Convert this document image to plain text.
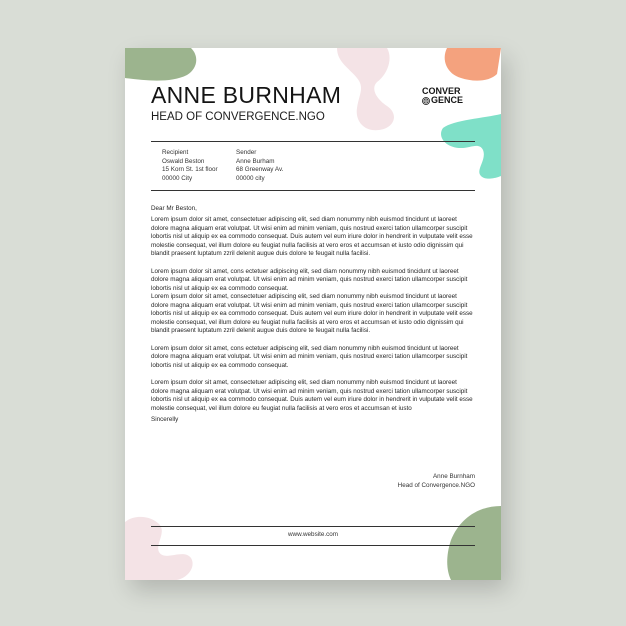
ANNE BURNHAM
HEAD OF CONVERGENCE.NGO
CONVER
GENCE
Recipient
Oswald Beston
15 Korn St. 1st floor
00000 City
Sender
Anne Burham
68 Greenway Av.
00000 city

Dear Mr Beston,

Lorem ipsum dolor sit amet, consectetuer adipiscing elit, sed diam nonummy nibh euismod tincidunt ut laoreet dolore magna aliquam erat volutpat. Ut wisi enim ad minim veniam, quis nostrud exerci tation ullamcorper suscipit lobortis nisl ut aliquip ex ea commodo consequat. Duis autem vel eum iriure dolor in hendrerit in vulputate velit esse molestie consequat, vel illum dolore eu feugiat nulla facilisis at vero eros et accumsan et iusto odio dignissim qui blandit praesent luptatum zzril delenit augue duis dolore te feugait nulla facilisi.

Lorem ipsum dolor sit amet, cons ectetuer adipiscing elit, sed diam nonummy nibh euismod tincidunt ut laoreet dolore magna aliquam erat volutpat. Ut wisi enim ad minim veniam, quis nostrud exerci tation ullamcorper suscipit lobortis nisl ut aliquip ex ea commodo consequat.

Lorem ipsum dolor sit amet, consectetuer adipiscing elit, sed diam nonummy nibh euismod tincidunt ut laoreet dolore magna aliquam erat volutpat. Ut wisi enim ad minim veniam, quis nostrud exerci tation ullamcorper suscipit lobortis nisl ut aliquip ex ea commodo consequat. Duis autem vel eum iriure dolor in hendrerit in vulputate velit esse molestie consequat, vel illum dolore eu feugiat nulla facilisis at vero eros et accumsan et iusto odio dignissim qui blandit praesent luptatum zzril delenit augue duis dolore te feugait nulla facilisi.

Lorem ipsum dolor sit amet, cons ectetuer adipiscing elit, sed diam nonummy nibh euismod tincidunt ut laoreet dolore magna aliquam erat volutpat. Ut wisi enim ad minim veniam, quis nostrud exerci tation ullamcorper suscipit lobortis nisl ut aliquip ex ea commodo consequat.

Lorem ipsum dolor sit amet, consectetuer adipiscing elit, sed diam nonummy nibh euismod tincidunt ut laoreet dolore magna aliquam erat volutpat. Ut wisi enim ad minim veniam, quis nostrud exerci tation ullamcorper suscipit lobortis nisl ut aliquip ex ea commodo consequat. Duis autem vel eum iriure dolor in hendrerit in vulputate velit esse molestie consequat, vel illum dolore eu feugiat nulla facilisis at vero eros et accumsan et iusto

Sincerelly

Anne Burnham
Head of Convergence.NGO
www.website.com
